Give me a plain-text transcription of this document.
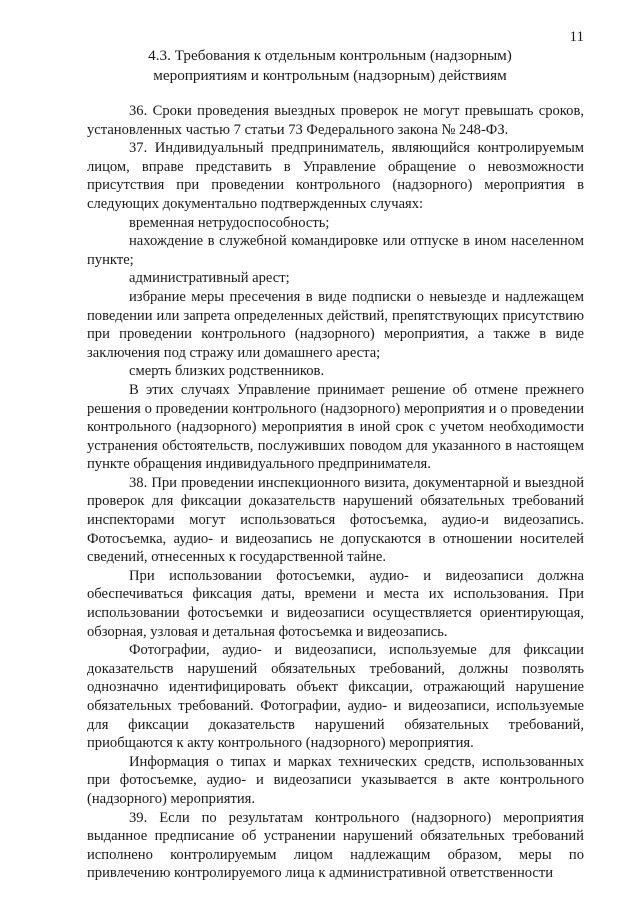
11
4.3. Требования к отдельным контрольным (надзорным)
мероприятиям и контрольным (надзорным) действиям

36. Сроки проведения выездных проверок не могут превышать сроков, установленных частью 7 статьи 73 Федерального закона № 248-ФЗ.

37. Индивидуальный предприниматель, являющийся контролируемым лицом, вправе представить в Управление обращение о невозможности присутствия при проведении контрольного (надзорного) мероприятия в следующих документально подтвержденных случаях:

временная нетрудоспособность;

нахождение в служебной командировке или отпуске в ином населенном пункте;

административный арест;

избрание меры пресечения в виде подписки о невыезде и надлежащем поведении или запрета определенных действий, препятствующих присутствию при проведении контрольного (надзорного) мероприятия, а также в виде заключения под стражу или домашнего ареста;

смерть близких родственников.

В этих случаях Управление принимает решение об отмене прежнего решения о проведении контрольного (надзорного) мероприятия и о проведении контрольного (надзорного) мероприятия в иной срок с учетом необходимости устранения обстоятельств, послуживших поводом для указанного в настоящем пункте обращения индивидуального предпринимателя.

38. При проведении инспекционного визита, документарной и выездной проверок для фиксации доказательств нарушений обязательных требований инспекторами могут использоваться фотосъемка, аудио-и видеозапись. Фотосъемка, аудио- и видеозапись не допускаются в отношении носителей сведений, отнесенных к государственной тайне.

При использовании фотосъемки, аудио- и видеозаписи должна обеспечиваться фиксация даты, времени и места их использования. При использовании фотосъемки и видеозаписи осуществляется ориентирующая, обзорная, узловая и детальная фотосъемка и видеозапись.

Фотографии, аудио- и видеозаписи, используемые для фиксации доказательств нарушений обязательных требований, должны позволять однозначно идентифицировать объект фиксации, отражающий нарушение обязательных требований. Фотографии, аудио- и видеозаписи, используемые для фиксации доказательств нарушений обязательных требований, приобщаются к акту контрольного (надзорного) мероприятия.

Информация о типах и марках технических средств, использованных при фотосъемке, аудио- и видеозаписи указывается в акте контрольного (надзорного) мероприятия.

39. Если по результатам контрольного (надзорного) мероприятия выданное предписание об устранении нарушений обязательных требований исполнено контролируемым лицом надлежащим образом, меры по привлечению контролируемого лица к административной ответственности
